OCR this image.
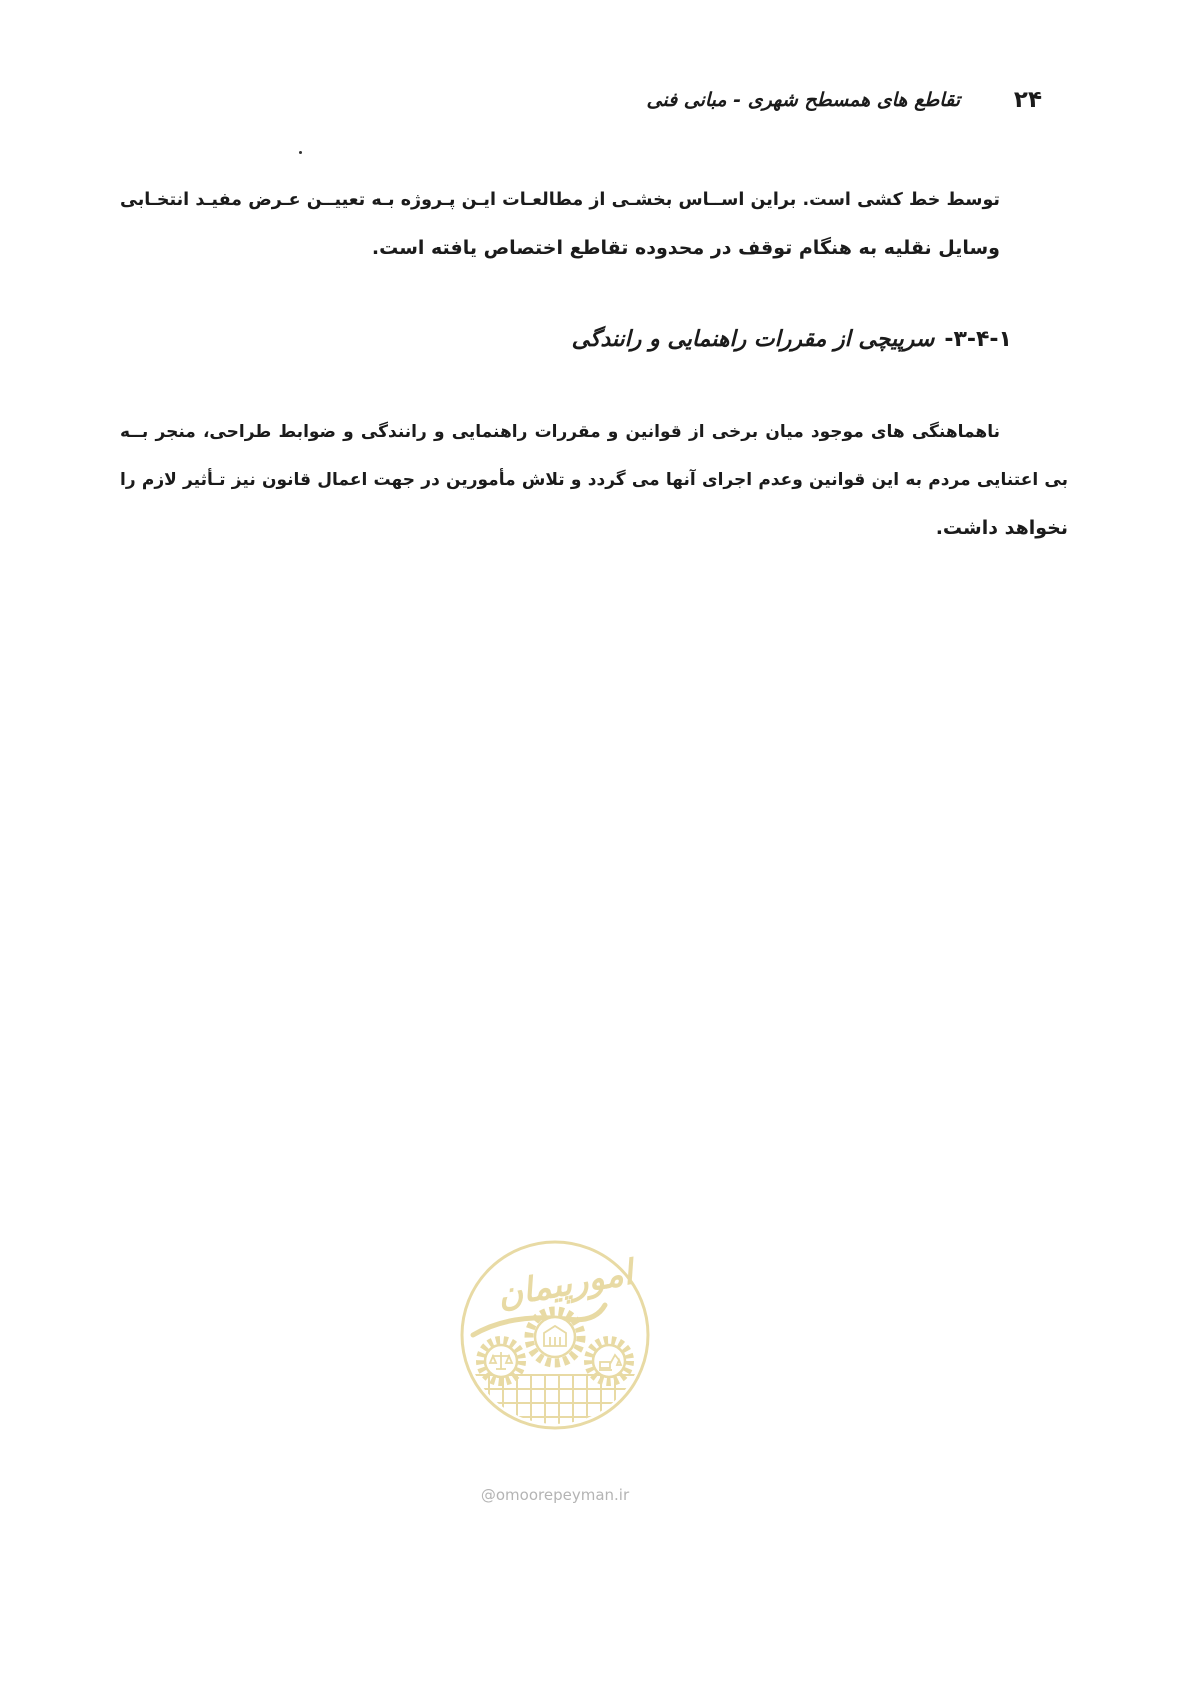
۲۴
تقاطع های همسطح شهری - مبانی فنی
توسط خط کشی است. براین اســاس بخشـی از مطالعـات ایـن پـروژه بـه تعییــن عـرض مفیـد انتخـابی
وسایل نقلیه به هنگام توقف در محدوده تقاطع اختصاص یافته است.
۱-۴-۳-سرپیچی از مقررات راهنمایی و رانندگی
ناهماهنگی های موجود میان برخی از قوانین و مقررات راهنمایی و رانندگی و ضوابط طراحی، منجر بــه
بی اعتنایی مردم به این قوانین وعدم اجرای آنها می گردد و تلاش مأمورین در جهت اعمال قانون نیز تـأثیر لازم را
نخواهد داشت.
امورپیمان
@omoorepeyman.ir
